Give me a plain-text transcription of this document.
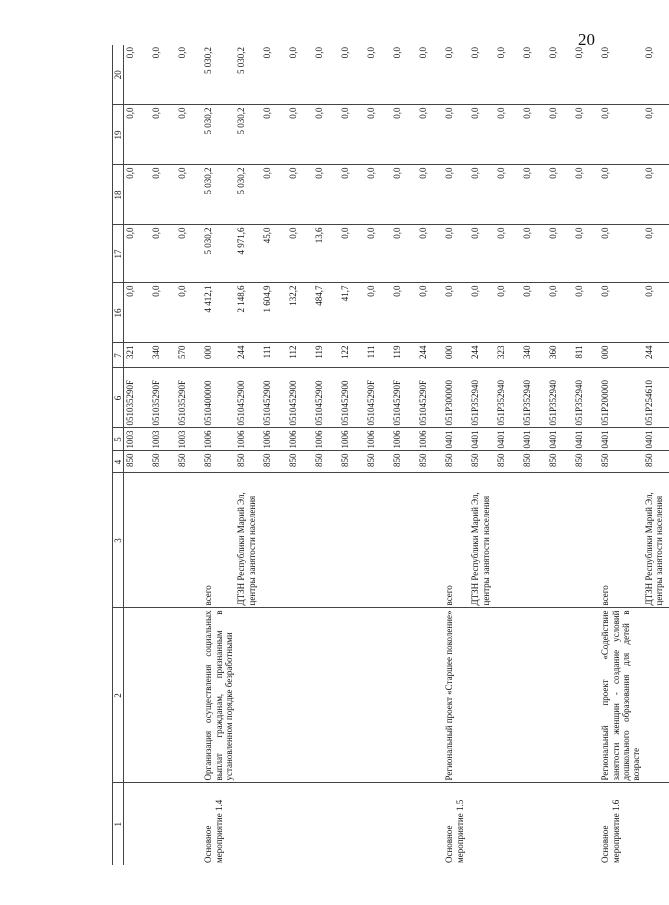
20
1	2	3	4	5	6	7	16	17	18	19	20
			850	1003	051035290F	321	0,0	0,0	0,0	0,0	0,0
			850	1003	051035290F	340	0,0	0,0	0,0	0,0	0,0
			850	1003	051035290F	570	0,0	0,0	0,0	0,0	0,0
Основное мероприятие 1.4	Организация осуществления социальных выплат гражданам, признанным в установленном порядке безработными	всего	850	1006	0510400000	000	4 412,1	5 030,2	5 030,2	5 030,2	5 030,2
		ДТЗН Республики Марий Эл, центры занятости населения	850	1006	0510452900	244	2 148,6	4 971,6	5 030,2	5 030,2	5 030,2
			850	1006	0510452900	111	1 604,9	45,0	0,0	0,0	0,0
			850	1006	0510452900	112	132,2	0,0	0,0	0,0	0,0
			850	1006	0510452900	119	484,7	13,6	0,0	0,0	0,0
			850	1006	0510452900	122	41,7	0,0	0,0	0,0	0,0
			850	1006	051045290F	111	0,0	0,0	0,0	0,0	0,0
			850	1006	051045290F	119	0,0	0,0	0,0	0,0	0,0
			850	1006	051045290F	244	0,0	0,0	0,0	0,0	0,0
Основное мероприятие 1.5	Региональный проект «Старшее поколение»	всего	850	0401	051P300000	000	0,0	0,0	0,0	0,0	0,0
		ДТЗН Республики Марий Эл, центры занятости населения	850	0401	051P352940	244	0,0	0,0	0,0	0,0	0,0
			850	0401	051P352940	323	0,0	0,0	0,0	0,0	0,0
			850	0401	051P352940	340	0,0	0,0	0,0	0,0	0,0
			850	0401	051P352940	360	0,0	0,0	0,0	0,0	0,0
			850	0401	051P352940	811	0,0	0,0	0,0	0,0	0,0
Основное мероприятие 1.6	Региональный проект «Содействие занятости женщин - создание условий дошкольного образования для детей в возрасте	всего	850	0401	051P200000	000	0,0	0,0	0,0	0,0	0,0
		ДТЗН Республики Марий Эл, центры занятости населения	850	0401	051P254610	244	0,0	0,0	0,0	0,0	0,0
